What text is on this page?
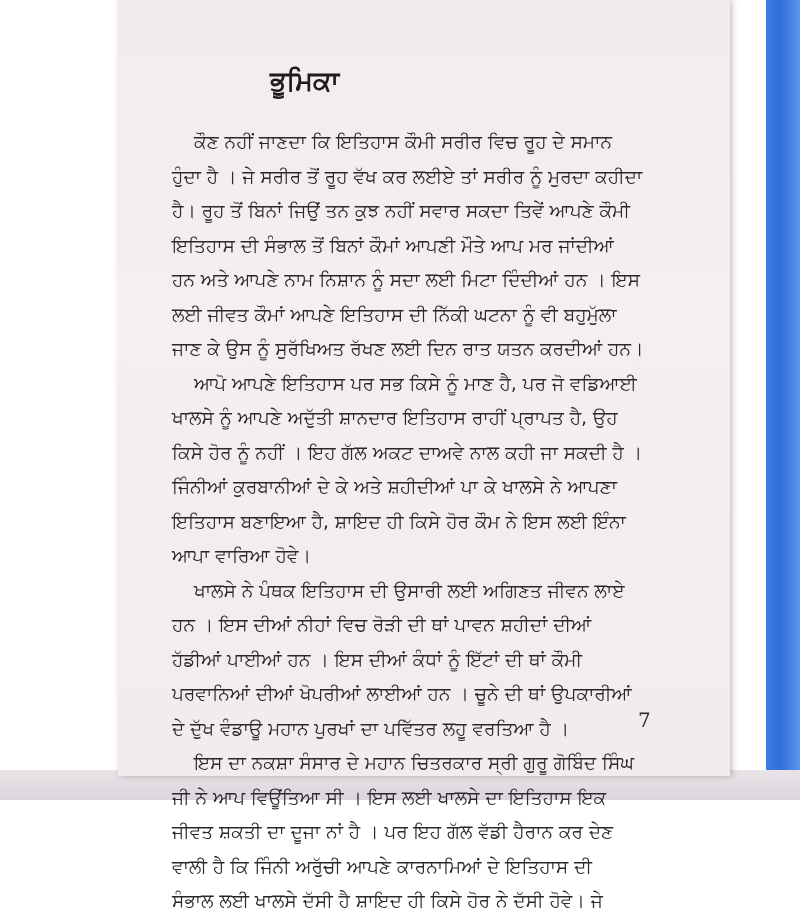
ਭੂਮਿਕਾ
ਕੌਣ ਨਹੀਂ ਜਾਣਦਾ ਕਿ ਇਤਿਹਾਸ ਕੌਮੀ ਸਰੀਰ ਵਿਚ ਰੂਹ ਦੇ ਸਮਾਨ
ਹੁੰਦਾ ਹੈ । ਜੇ ਸਰੀਰ ਤੋਂ ਰੂਹ ਵੱਖ ਕਰ ਲਈਏ ਤਾਂ ਸਰੀਰ ਨੂੰ ਮੁਰਦਾ ਕਹੀਦਾ
ਹੈ। ਰੂਹ ਤੋਂ ਬਿਨਾਂ ਜਿਉਂ ਤਨ ਕੁਝ ਨਹੀਂ ਸਵਾਰ ਸਕਦਾ ਤਿਵੇਂ ਆਪਣੇ ਕੌਮੀ
ਇਤਿਹਾਸ ਦੀ ਸੰਭਾਲ ਤੋਂ ਬਿਨਾਂ ਕੌਮਾਂ ਆਪਣੀ ਮੌਤੇ ਆਪ ਮਰ ਜਾਂਦੀਆਂ
ਹਨ ਅਤੇ ਆਪਣੇ ਨਾਮ ਨਿਸ਼ਾਨ ਨੂੰ ਸਦਾ ਲਈ ਮਿਟਾ ਦਿੰਦੀਆਂ ਹਨ । ਇਸ
ਲਈ ਜੀਵਤ ਕੌਮਾਂ ਆਪਣੇ ਇਤਿਹਾਸ ਦੀ ਨਿੱਕੀ ਘਟਨਾ ਨੂੰ ਵੀ ਬਹੁਮੁੱਲਾ
ਜਾਣ ਕੇ ਉਸ ਨੂੰ ਸੁਰੱਖਿਅਤ ਰੱਖਣ ਲਈ ਦਿਨ ਰਾਤ ਯਤਨ ਕਰਦੀਆਂ ਹਨ।
ਆਪੋ ਆਪਣੇ ਇਤਿਹਾਸ ਪਰ ਸਭ ਕਿਸੇ ਨੂੰ ਮਾਣ ਹੈ, ਪਰ ਜੋ ਵਡਿਆਈ
ਖਾਲਸੇ ਨੂੰ ਆਪਣੇ ਅਦੁੱਤੀ ਸ਼ਾਨਦਾਰ ਇਤਿਹਾਸ ਰਾਹੀਂ ਪ੍ਰਾਪਤ ਹੈ, ਉਹ
ਕਿਸੇ ਹੋਰ ਨੂੰ ਨਹੀਂ । ਇਹ ਗੱਲ ਅਕਟ ਦਾਅਵੇ ਨਾਲ ਕਹੀ ਜਾ ਸਕਦੀ ਹੈ ।
ਜਿੰਨੀਆਂ ਕੁਰਬਾਨੀਆਂ ਦੇ ਕੇ ਅਤੇ ਸ਼ਹੀਦੀਆਂ ਪਾ ਕੇ ਖਾਲਸੇ ਨੇ ਆਪਣਾ
ਇਤਿਹਾਸ ਬਣਾਇਆ ਹੈ, ਸ਼ਾਇਦ ਹੀ ਕਿਸੇ ਹੋਰ ਕੌਮ ਨੇ ਇਸ ਲਈ ਇੰਨਾ
ਆਪਾ ਵਾਰਿਆ ਹੋਵੇ।
ਖਾਲਸੇ ਨੇ ਪੰਥਕ ਇਤਿਹਾਸ ਦੀ ਉਸਾਰੀ ਲਈ ਅਗਿਣਤ ਜੀਵਨ ਲਾਏ
ਹਨ । ਇਸ ਦੀਆਂ ਨੀਹਾਂ ਵਿਚ ਰੋੜੀ ਦੀ ਥਾਂ ਪਾਵਨ ਸ਼ਹੀਦਾਂ ਦੀਆਂ
ਹੱਡੀਆਂ ਪਾਈਆਂ ਹਨ । ਇਸ ਦੀਆਂ ਕੰਧਾਂ ਨੂੰ ਇੱਟਾਂ ਦੀ ਥਾਂ ਕੌਮੀ
ਪਰਵਾਨਿਆਂ ਦੀਆਂ ਖੋਪਰੀਆਂ ਲਾਈਆਂ ਹਨ । ਚੂਨੇ ਦੀ ਥਾਂ ਉਪਕਾਰੀਆਂ
ਦੇ ਦੁੱਖ ਵੰਡਾਊ ਮਹਾਨ ਪੁਰਖਾਂ ਦਾ ਪਵਿੱਤਰ ਲਹੂ ਵਰਤਿਆ ਹੈ ।
ਇਸ ਦਾ ਨਕਸ਼ਾ ਸੰਸਾਰ ਦੇ ਮਹਾਨ ਚਿਤਰਕਾਰ ਸ੍ਰੀ ਗੁਰੂ ਗੋਬਿੰਦ ਸਿੰਘ
ਜੀ ਨੇ ਆਪ ਵਿਊਂਤਿਆ ਸੀ । ਇਸ ਲਈ ਖਾਲਸੇ ਦਾ ਇਤਿਹਾਸ ਇਕ
ਜੀਵਤ ਸ਼ਕਤੀ ਦਾ ਦੂਜਾ ਨਾਂ ਹੈ । ਪਰ ਇਹ ਗੱਲ ਵੱਡੀ ਹੈਰਾਨ ਕਰ ਦੇਣ
ਵਾਲੀ ਹੈ ਕਿ ਜਿੰਨੀ ਅਰੁੱਚੀ ਆਪਣੇ ਕਾਰਨਾਮਿਆਂ ਦੇ ਇਤਿਹਾਸ ਦੀ
ਸੰਭਾਲ ਲਈ ਖਾਲਸੇ ਦੱਸੀ ਹੈ ਸ਼ਾਇਦ ਹੀ ਕਿਸੇ ਹੋਰ ਨੇ ਦੱਸੀ ਹੋਵੇ। ਜੇ
7
